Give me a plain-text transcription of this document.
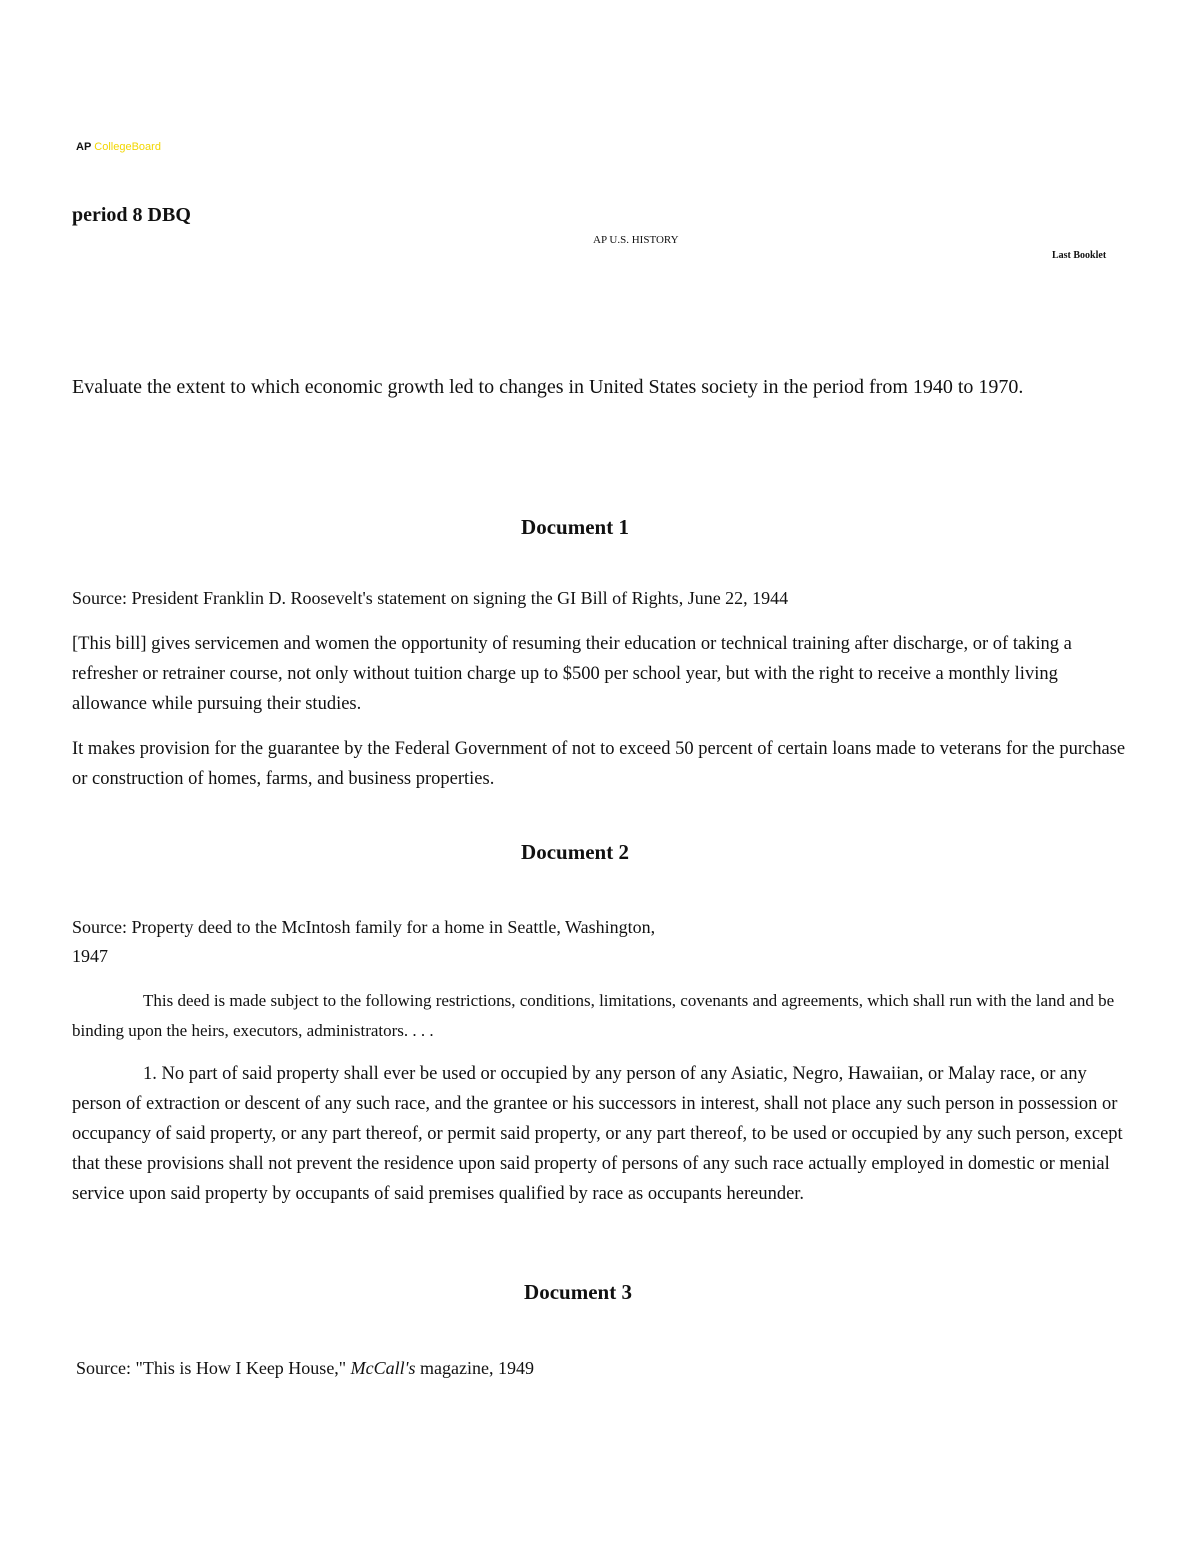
AP CollegeBoard
period 8 DBQ
AP U.S. HISTORY
Last Booklet
Evaluate the extent to which economic growth led to changes in United States society in the period from 1940 to 1970.
Document 1
Source: President Franklin D. Roosevelt's statement on signing the GI Bill of Rights, June 22, 1944
[This bill] gives servicemen and women the opportunity of resuming their education or technical training after discharge, or of taking a refresher or retrainer course, not only without tuition charge up to $500 per school year, but with the right to receive a monthly living allowance while pursuing their studies.
It makes provision for the guarantee by the Federal Government of not to exceed 50 percent of certain loans made to veterans for the purchase or construction of homes, farms, and business properties.
Document 2
Source: Property deed to the McIntosh family for a home in Seattle, Washington,
1947
This deed is made subject to the following restrictions, conditions, limitations, covenants and agreements, which shall run with the land and be binding upon the heirs, executors, administrators. . . .
1. No part of said property shall ever be used or occupied by any person of any Asiatic, Negro, Hawaiian, or Malay race, or any person of extraction or descent of any such race, and the grantee or his successors in interest, shall not place any such person in possession or occupancy of said property, or any part thereof, or permit said property, or any part thereof, to be used or occupied by any such person, except that these provisions shall not prevent the residence upon said property of persons of any such race actually employed in domestic or menial service upon said property by occupants of said premises qualified by race as occupants hereunder.
Document 3
Source: "This is How I Keep House," McCall's magazine, 1949
